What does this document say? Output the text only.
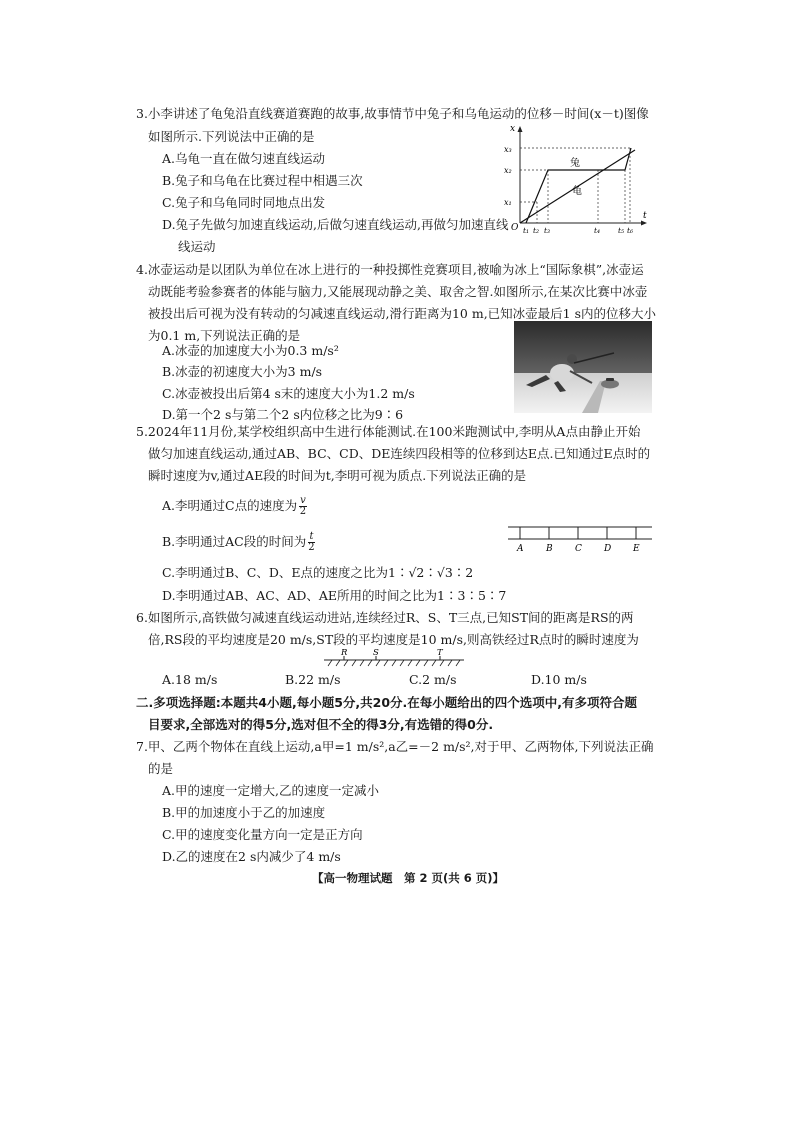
3.小李讲述了龟兔沿直线赛道赛跑的故事,故事情节中兔子和乌龟运动的位移－时间(x－t)图像
如图所示.下列说法中正确的是
A.乌龟一直在做匀速直线运动
B.兔子和乌龟在比赛过程中相遇三次
C.兔子和乌龟同时同地点出发
D.兔子先做匀加速直线运动,后做匀速直线运动,再做匀加速直线
线运动
x
t
O
x₃
x₂
x₁
兔
龟
t₁ t₂ t₃	t₄ t₅ t₆
4.冰壶运动是以团队为单位在冰上进行的一种投掷性竞赛项目,被喻为冰上“国际象棋”,冰壶运
动既能考验参赛者的体能与脑力,又能展现动静之美、取舍之智.如图所示,在某次比赛中冰壶
被投出后可视为没有转动的匀减速直线运动,滑行距离为10 m,已知冰壶最后1 s内的位移大小
为0.1 m,下列说法正确的是
A.冰壶的加速度大小为0.3 m/s²
B.冰壶的初速度大小为3 m/s
C.冰壶被投出后第4 s末的速度大小为1.2 m/s
D.第一个2 s与第二个2 s内位移之比为9∶6
5.2024年11月份,某学校组织高中生进行体能测试.在100米跑测试中,李明从A点由静止开始
做匀加速直线运动,通过AB、BC、CD、DE连续四段相等的位移到达E点.已知通过E点时的
瞬时速度为v,通过AE段的时间为t,李明可视为质点.下列说法正确的是
A.李明通过C点的速度为 $\frac{v}{2}$
B.李明通过AC段的时间为 $\frac{t}{2}$
C.李明通过B、C、D、E点的速度之比为1∶√2∶√3∶2
D.李明通过AB、AC、AD、AE所用的时间之比为1∶3∶5∶7
A	B C D E
6.如图所示,高铁做匀减速直线运动进站,连续经过R、S、T三点,已知ST间的距离是RS的两
倍,RS段的平均速度是20 m/s,ST段的平均速度是10 m/s,则高铁经过R点时的瞬时速度为
R	S	T
A.18 m/s	B.22 m/s	C.2 m/s	D.10 m/s
二.多项选择题:本题共4小题,每小题5分,共20分.在每小题给出的四个选项中,有多项符合题
目要求,全部选对的得5分,选对但不全的得3分,有选错的得0分.
7.甲、乙两个物体在直线上运动,a甲=1 m/s²,a乙=－2 m/s²,对于甲、乙两物体,下列说法正确
的是
A.甲的速度一定增大,乙的速度一定减小
B.甲的加速度小于乙的加速度
C.甲的速度变化量方向一定是正方向
D.乙的速度在2 s内减少了4 m/s
【高一物理试题　第 2 页(共 6 页)】
